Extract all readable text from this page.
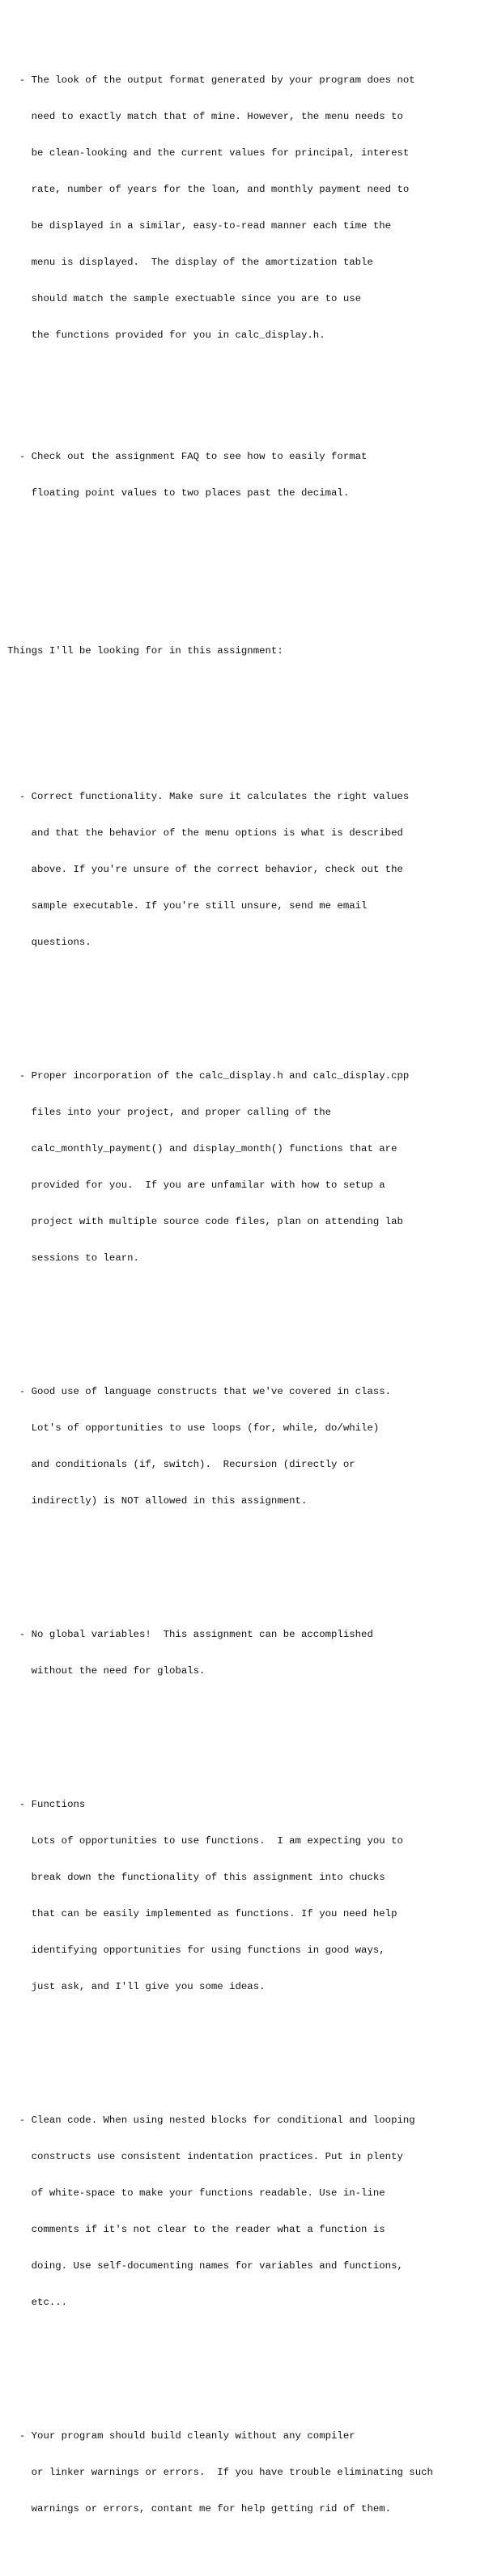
- The look of the output format generated by your program does not

need to exactly match that of mine. However, the menu needs to

be clean-looking and the current values for principal, interest

rate, number of years for the loan, and monthly payment need to

be displayed in a similar, easy-to-read manner each time the

menu is displayed.  The display of the amortization table

should match the sample exectuable since you are to use

the functions provided for you in calc_display.h.

- Check out the assignment FAQ to see how to easily format

floating point values to two places past the decimal.

Things I'll be looking for in this assignment:

- Correct functionality. Make sure it calculates the right values

and that the behavior of the menu options is what is described

above. If you're unsure of the correct behavior, check out the

sample executable. If you're still unsure, send me email

questions.

- Proper incorporation of the calc_display.h and calc_display.cpp

files into your project, and proper calling of the

calc_monthly_payment() and display_month() functions that are

provided for you.  If you are unfamilar with how to setup a

project with multiple source code files, plan on attending lab

sessions to learn.

- Good use of language constructs that we've covered in class.

Lot's of opportunities to use loops (for, while, do/while)

and conditionals (if, switch).  Recursion (directly or

indirectly) is NOT allowed in this assignment.

- No global variables!  This assignment can be accomplished

without the need for globals.

- Functions

Lots of opportunities to use functions.  I am expecting you to

break down the functionality of this assignment into chucks

that can be easily implemented as functions. If you need help

identifying opportunities for using functions in good ways,

just ask, and I'll give you some ideas.

- Clean code. When using nested blocks for conditional and looping

constructs use consistent indentation practices. Put in plenty

of white-space to make your functions readable. Use in-line

comments if it's not clear to the reader what a function is

doing. Use self-documenting names for variables and functions,

etc...

- Your program should build cleanly without any compiler

or linker warnings or errors.  If you have trouble eliminating such

warnings or errors, contant me for help getting rid of them.
